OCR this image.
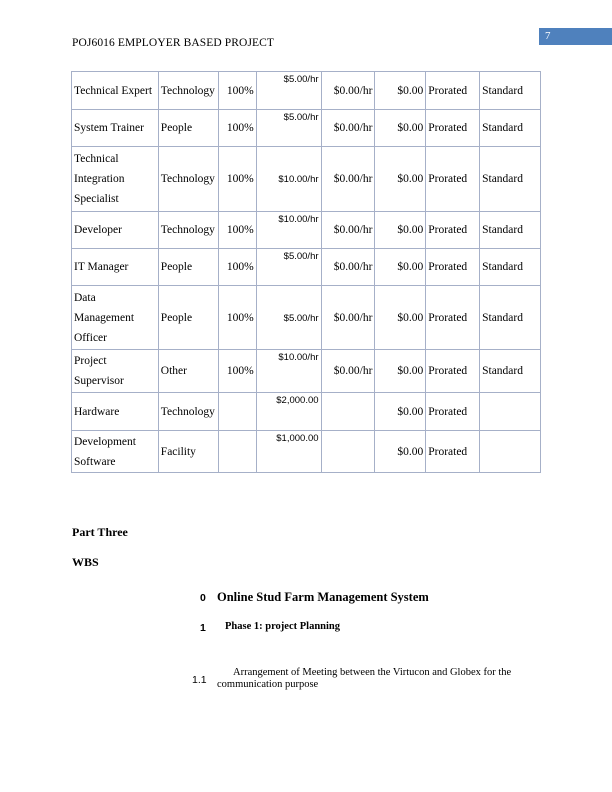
POJ6016 EMPLOYER BASED PROJECT
7
Technical Expert	Technology	100%	$5.00/hr	$0.00/hr	$0.00	Prorated	Standard
System Trainer	People	100%	$5.00/hr	$0.00/hr	$0.00	Prorated	Standard
Technical Integration Specialist	Technology	100%	$10.00/hr	$0.00/hr	$0.00	Prorated	Standard
Developer	Technology	100%	$10.00/hr	$0.00/hr	$0.00	Prorated	Standard
IT Manager	People	100%	$5.00/hr	$0.00/hr	$0.00	Prorated	Standard
Data Management Officer	People	100%	$5.00/hr	$0.00/hr	$0.00	Prorated	Standard
Project Supervisor	Other	100%	$10.00/hr	$0.00/hr	$0.00	Prorated	Standard
Hardware	Technology		$2,000.00		$0.00	Prorated	
Development Software	Facility		$1,000.00		$0.00	Prorated	
Part Three
WBS
0 Online Stud Farm Management System
1 Phase 1: project Planning
1.1
Arrangement of Meeting between the Virtucon and Globex for the communication purpose
